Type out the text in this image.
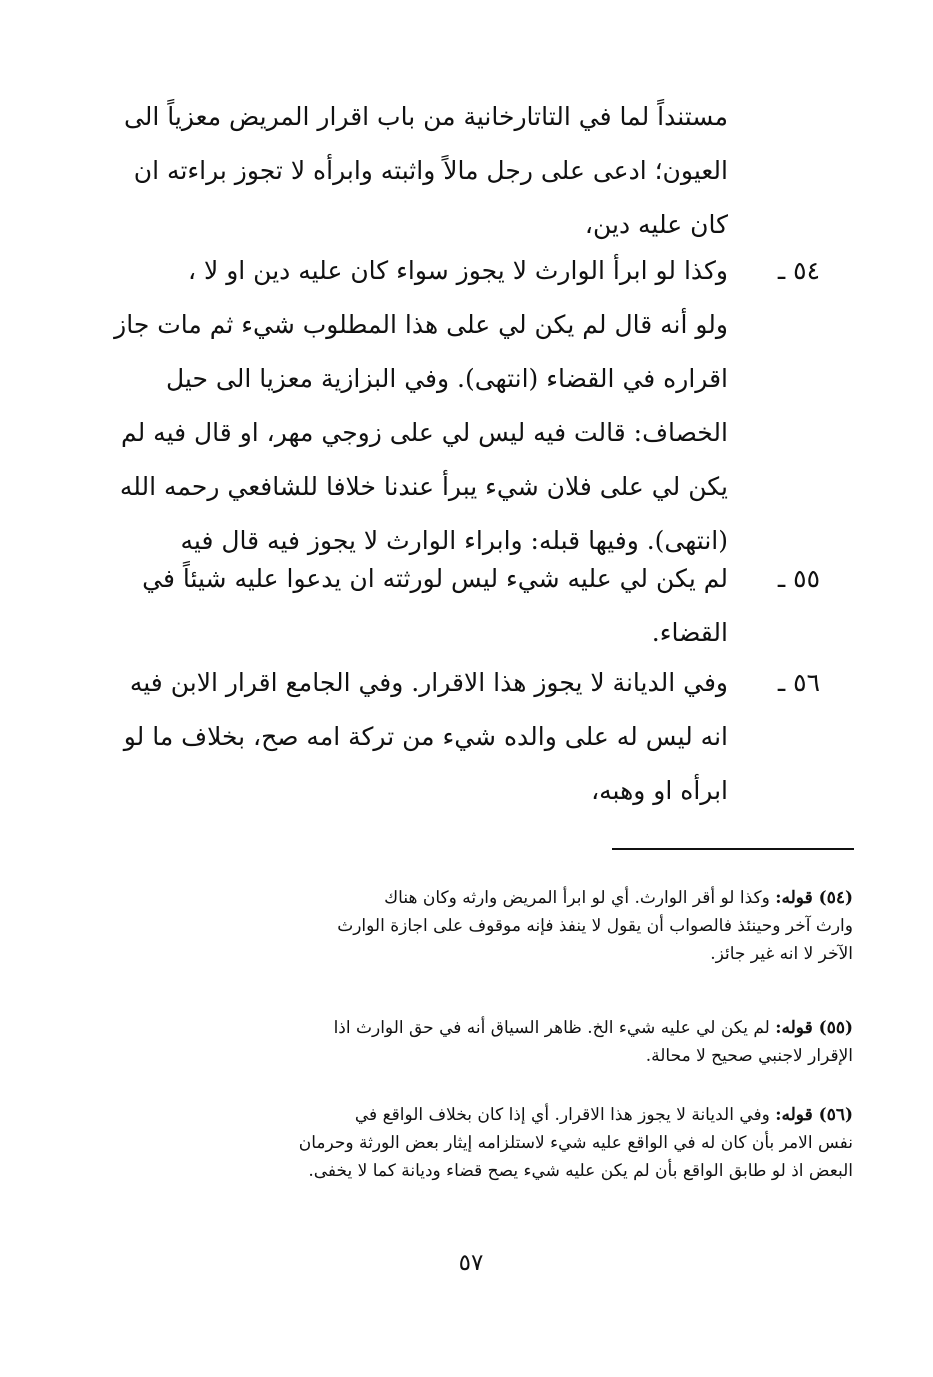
مستنداً لما في التاتارخانية من باب اقرار المريض معزياً الى
العيون؛ ادعى على رجل مالاً واثبته وابرأه لا تجوز براءته ان
كان عليه دين،
٥٤ ـ
وكذا لو ابرأ الوارث لا يجوز سواء كان عليه دين او لا ،
ولو أنه قال لم يكن لي على هذا المطلوب شيء ثم مات جاز
اقراره في القضاء (انتهى). وفي البزازية معزيا الى حيل
الخصاف: قالت فيه ليس لي على زوجي مهر، او قال فيه لم
يكن لي على فلان شيء يبرأ عندنا خلافا للشافعي رحمه الله
(انتهى). وفيها قبله: وابراء الوارث لا يجوز فيه قال فيه
٥٥ ـ
لم يكن لي عليه شيء ليس لورثته ان يدعوا عليه شيئاً في
القضاء.
٥٦ ـ
وفي الديانة لا يجوز هذا الاقرار. وفي الجامع اقرار الابن فيه
انه ليس له على والده شيء من تركة امه صح، بخلاف ما لو
ابرأه او وهبه،
(٥٤) قوله: وكذا لو أقر الوارث. أي لو ابرأ المريض وارثه وكان هناك
وارث آخر وحينئذ فالصواب أن يقول لا ينفذ فإنه موقوف على اجازة الوارث
الآخر لا انه غير جائز.
(٥٥) قوله: لم يكن لي عليه شيء الخ. ظاهر السياق أنه في حق الوارث اذا
الإقرار لاجنبي صحيح لا محالة.
(٥٦) قوله: وفي الديانة لا يجوز هذا الاقرار. أي إذا كان بخلاف الواقع في
نفس الامر بأن كان له في الواقع عليه شيء لاستلزامه إيثار بعض الورثة وحرمان
البعض اذ لو طابق الواقع بأن لم يكن عليه شيء يصح قضاء وديانة كما لا يخفى.
٥٧
